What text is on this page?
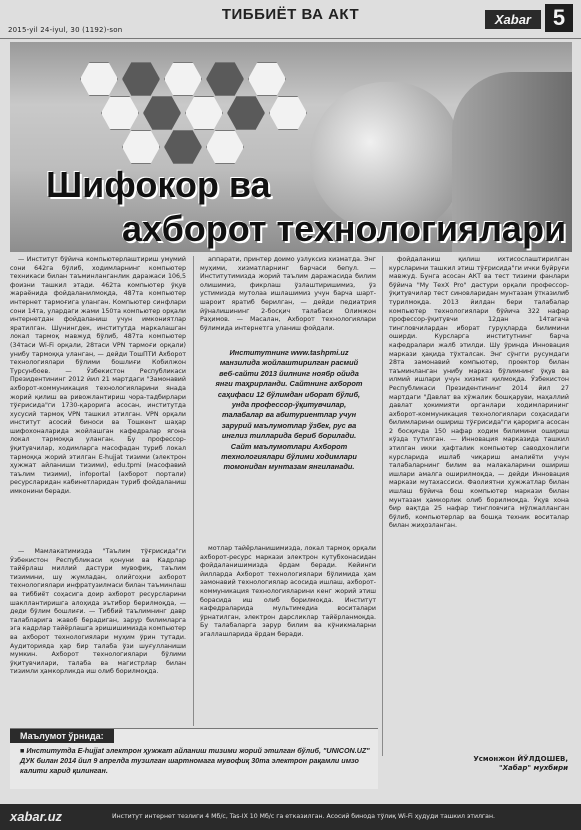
2015-yil 24-iyul, 30 (1192)-son
ТИББИЁТ ВА АКТ	Xabar 5
Шифокор ва
ахборот технологиялари

— Институт бўйича компьютерлаштириш умумий сони 642га бўлиб, ходимларнинг компьютер техникаси билан таъминланганлик даражаси 106,5 фоизни ташкил этади. 462та компьютер ўқув жараёнида фойдаланилмоқда, 487та компьютер интернет тармоғига уланган. Компьютер синфлари сони 14та, улардаги жами 150та компьютер орқали интернетдан фойдаланиш учун имкониятлар яратилган. Шунингдек, институтда маркалашган локал тармоқ мавжуд бўлиб, 487та компьютер (34таси Wi-Fi орқали, 28таси VPN тармоғи орқали) унибу тармоққа уланган, — дейди ТошПТИ Ахборот технологиялари бўлими бошлиғи Кобилжон Турсунбоев. — Ўзбекистон Республикаси Президентининг 2012 йил 21 мартдаги "Замонавий ахборот-коммуникация технологияларини янада жорий қилиш ва ривожлантириш чора-тадбирлари тўғрисида"ги 1730-қарорига асосан, институтда хусусий тармоқ VPN ташкил этилган. VPN орқали институт асосий биноси ва Тошкент шаҳар шифохоналарида жойлашган кафедралар ягона локал тармоққа уланган. Бу профессор-ўқитувчилар, ходимларга масофадан туриб локал тармоққа жорий этилган E-hujjat тизими (электрон ҳужжат айланиши тизими), edu.tpmi (масофавий таълим тизими), infoportal (ахборот портали) ресурсларидан кабинетларидан туриб фойдаланиш имконини беради.

— Мамлакатимизда "Таълим тўғрисида"ги Ўзбекистон Республикаси қонуни ва Кадрлар тайёрлаш миллий дастури мувофиқ, таълим тизимини, шу жумладан, олийгоҳни ахборот технологиялари инфратузилмаси билан таъминлаш ва тиббиёт соҳасига доир ахборот ресурсларини шакллантиришга алоҳида эътибор берилмоқда, — деди бўлим бошлиғи. — Тиббий таълимнинг давр талабларига жавоб берадиган, зарур билимларга эга кадрлар тайёрлашга эришишимизда компьютер ва ахборот технологиялари муҳим ўрин тутади. Аудиторияда ҳар бир талаба ўзи шуғулланиши мумкин. Ахборот технологиялари бўлими ўқитувчилари, талаба ва магистрлар билан тизимли ҳамкорликда иш олиб борилмоқда.

аппарати, принтер доимо узлуксиз хизматда. Энг муҳими, хизматларнинг барчаси бепул. — Институтимизда жорий таълим даражасида билим олишимиз, фикрлаш ўзлаштиришимиз, ўз устимизда мутолаа ишлашимиз учун барча шарт-шароит яратиб берилган, — дейди педиатрия йўналишининг 2-босқич талабаси Олимжон Раҳимов. — Масалан, Ахборот технологиялари бўлимида интернетга уланиш фойдали.

Институтнинг www.tashpmi.uz манзилида жойлаштирилган расмий веб-сайти 2013 йилнинг ноябр ойида янги таҳрирланди. Сайтнинг ахборот саҳифаси 12 бўлимдан иборат бўлиб, унда профессор-ўқитувчилар, талабалар ва абитуриентлар учун зарурий маълумотлар ўзбек, рус ва инглиз тилларида бериб борилади. Сайт маълумотлари Ахборот технологиялари бўлими ходимлари томонидан мунтазам янгиланади.

мотлар тайёрланишимизда, локал тармоқ орқали ахборот-ресурс маркази электрон кутубхонасидан фойдаланишимизда ёрдам беради. Кейинги йилларда Ахборот технологиялари бўлимида ҳам замонавий технологиялар асосида ишлаш, ахборот-коммуникация технологияларини кенг жорий этиш борасида иш олиб борилмоқда. Институт кафедраларида мультимедиа воситалари ўрнатилган, электрон дарсликлар тайёрланмоқда. Бу талабаларга зарур билим ва кўникмаларни эгаллашларида ёрдам беради.

фойдаланиш қилиш ихтисослаштирилган курсларини ташкил этиш тўғрисида"ги ички буйруғи мавжуд. Бунга асосан АКТ ва тест тизими фанлари бўйича "Mу ТехХ Pro" дастури орқали профессор-ўқитувчилар тест синовларидан мунтазам ўтказилиб турилмоқда. 2013 йилдан бери талабалар компьютер технологиялари бўйича 322 нафар профессор-ўқитувчи 12дан 14тагача тингловчилардан иборат гуруҳларда билимини оширди. Курсларга институтнинг барча кафедралари жалб этилди. Шу ўринда Инновация маркази ҳақида тўхталсак. Энг сўнгги русумдаги 28та замонавий компьютер, проектор билан таъминланган унибу марказ бўлимнинг ўқув ва илмий ишлари учун хизмат қилмоқда. Ўзбекистон Республикаси Президентининг 2014 йил 27 мартдаги "Давлат ва хўжалик бошқаруви, маҳаллий давлат ҳокимияти органлари ходимларининг ахборот-коммуникация технологиялари соҳасидаги билимларини ошириш тўғрисида"ги қарорига асосан 2 босқичда 150 нафар ходим билимини ошириш кўзда тутилган. — Инновация марказида ташкил этилган икки ҳафталик компьютер саводхонлиги курсларида ишлаб чиқариш амалиёти учун талабаларнинг билим ва малакаларини ошириш ишлари амалга оширилмоқда, — дейди Инновация маркази мутахассиси. Фаолиятни ҳужжатлар билан ишлаш бўйича бош компьютер маркази билан мунтазам ҳамкорлик олиб борилмоқда. Ўқув хона бир вақтда 25 нафар тингловчига мўлжалланган бўлиб, компьютерлар ва бошқа техник воситалар билан жиҳозланган.

Маълумот ўрнида:
■ Институтда E-hujjat электрон ҳужжат айланиш тизими жорий этилган бўлиб, "UNICON.UZ" ДУК билан 2014 йил 9 апрелда тузилган шартномага мувофиқ 30та электрон рақамли имзо калити харид қилинган.
Усмонжон ЙЎЛДОШЕВ,
"Хабар" мухбири
xabar.uz	Институт интернет тезлиги 4 Мб/с, Tas-IX 10 Мб/с га етказилган. Асосий бинода тўлиқ Wi-Fi ҳудуди ташкил этилган.
